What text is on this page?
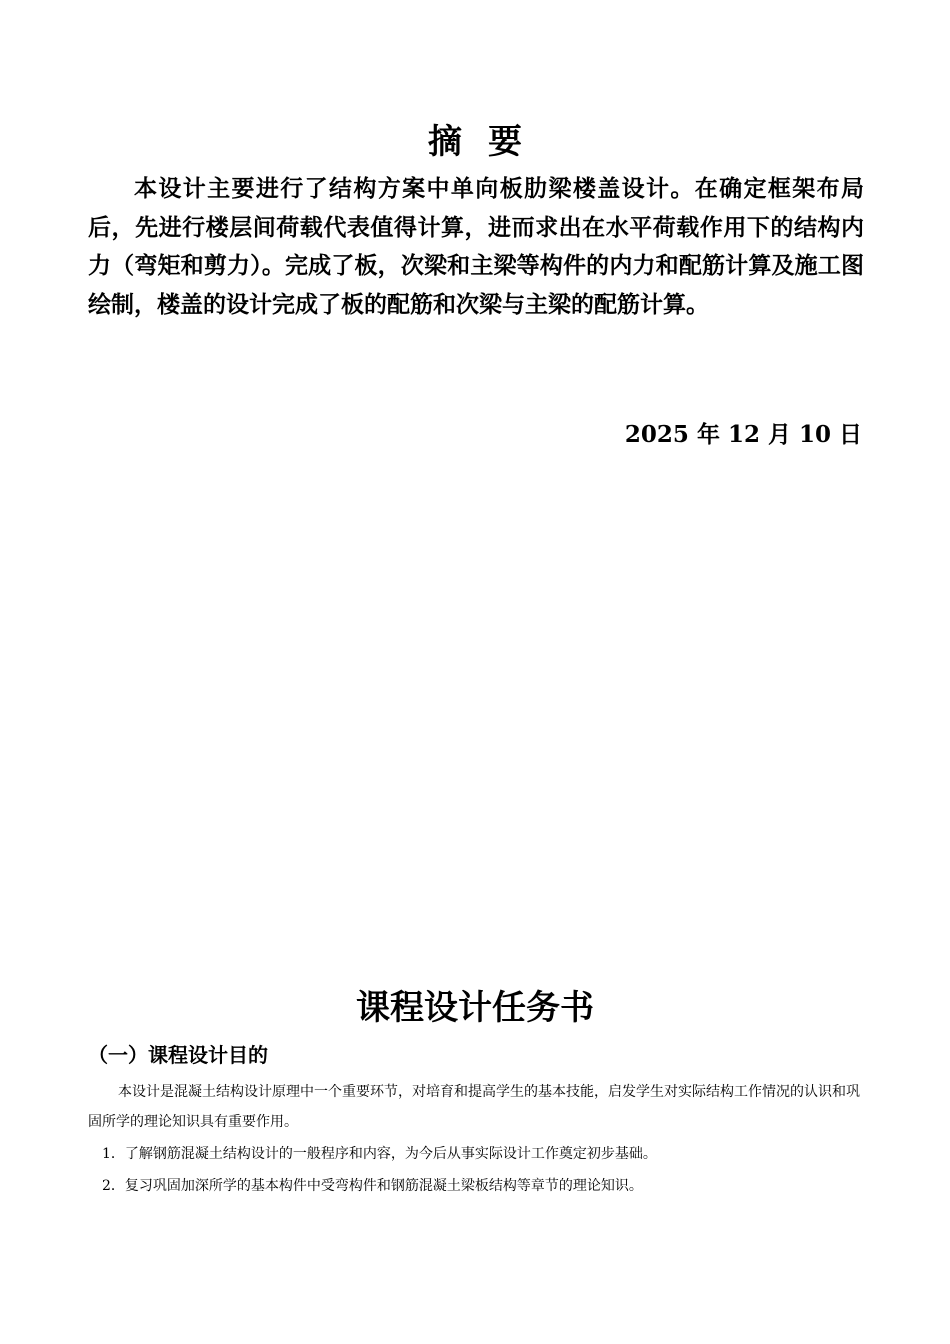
摘要

本设计主要进行了结构方案中单向板肋梁楼盖设计。在确定框架布局后，先进行楼层间荷载代表值得计算，进而求出在水平荷载作用下的结构内力（弯矩和剪力）。完成了板，次梁和主梁等构件的内力和配筋计算及施工图绘制，楼盖的设计完成了板的配筋和次梁与主梁的配筋计算。

2025 年 12 月 10 日
课程设计任务书
（一）课程设计目的

本设计是混凝土结构设计原理中一个重要环节，对培育和提高学生的基本技能，启发学生对实际结构工作情况的认识和巩固所学的理论知识具有重要作用。

1．了解钢筋混凝土结构设计的一般程序和内容，为今后从事实际设计工作奠定初步基础。
2．复习巩固加深所学的基本构件中受弯构件和钢筋混凝土梁板结构等章节的理论知识。
